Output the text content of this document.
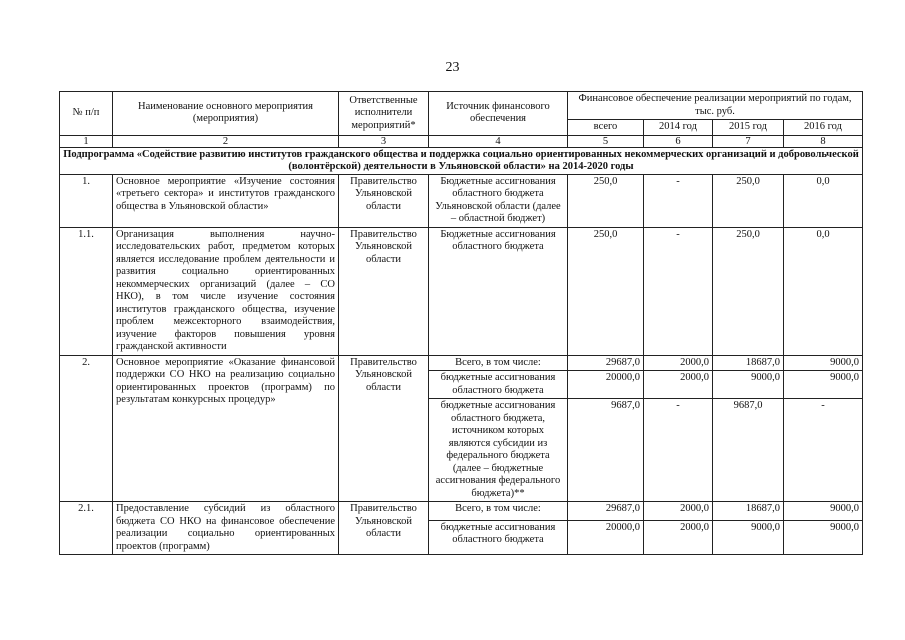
23
№ п/п	Наименование основного мероприятия (мероприятия)	Ответственные исполнители мероприятий*	Источник финансового обеспечения	Финансовое обеспечение реализации мероприятий по годам, тыс. руб.			
				всего	2014 год	2015 год	2016 год
1	2	3	4	5	6	7	8
Подпрограмма «Содействие развитию институтов гражданского общества и поддержка социально ориентированных некоммерческих организаций и добровольческой (волонтёрской) деятельности в Ульяновской области» на 2014-2020 годы							
1.	Основное мероприятие «Изучение состояния «третьего сектора» и институтов гражданского общества в Ульяновской области»	Правительство Ульяновской области	Бюджетные ассигнования областного бюджета Ульяновской области (далее – областной бюджет)	250,0	-	250,0	0,0
1.1.	Организация выполнения научно-исследовательских работ, предметом которых является исследование проблем деятельности и развития социально ориентированных некоммерческих организаций (далее – СО НКО), в том числе изучение состояния институтов гражданского общества, изучение проблем межсекторного взаимодействия, изучение факторов повышения уровня гражданской активности	Правительство Ульяновской области	Бюджетные ассигнования областного бюджета	250,0	-	250,0	0,0
2.	Основное мероприятие «Оказание финансовой поддержки СО НКО на реализацию социально ориентированных проектов (программ) по результатам конкурсных процедур»	Правительство Ульяновской области	Всего, в том числе:	29687,0	2000,0	18687,0	9000,0
			бюджетные ассигнования областного бюджета	20000,0	2000,0	9000,0	9000,0
			бюджетные ассигнования областного бюджета, источником которых являются субсидии из федерального бюджета (далее – бюджетные ассигнования федерального бюджета)**	9687,0	-	9687,0	-
2.1.	Предоставление субсидий из областного бюджета СО НКО на финансовое обеспечение реализации социально ориентированных проектов (программ)	Правительство Ульяновской области	Всего, в том числе:	29687,0	2000,0	18687,0	9000,0
			бюджетные ассигнования областного бюджета	20000,0	2000,0	9000,0	9000,0
